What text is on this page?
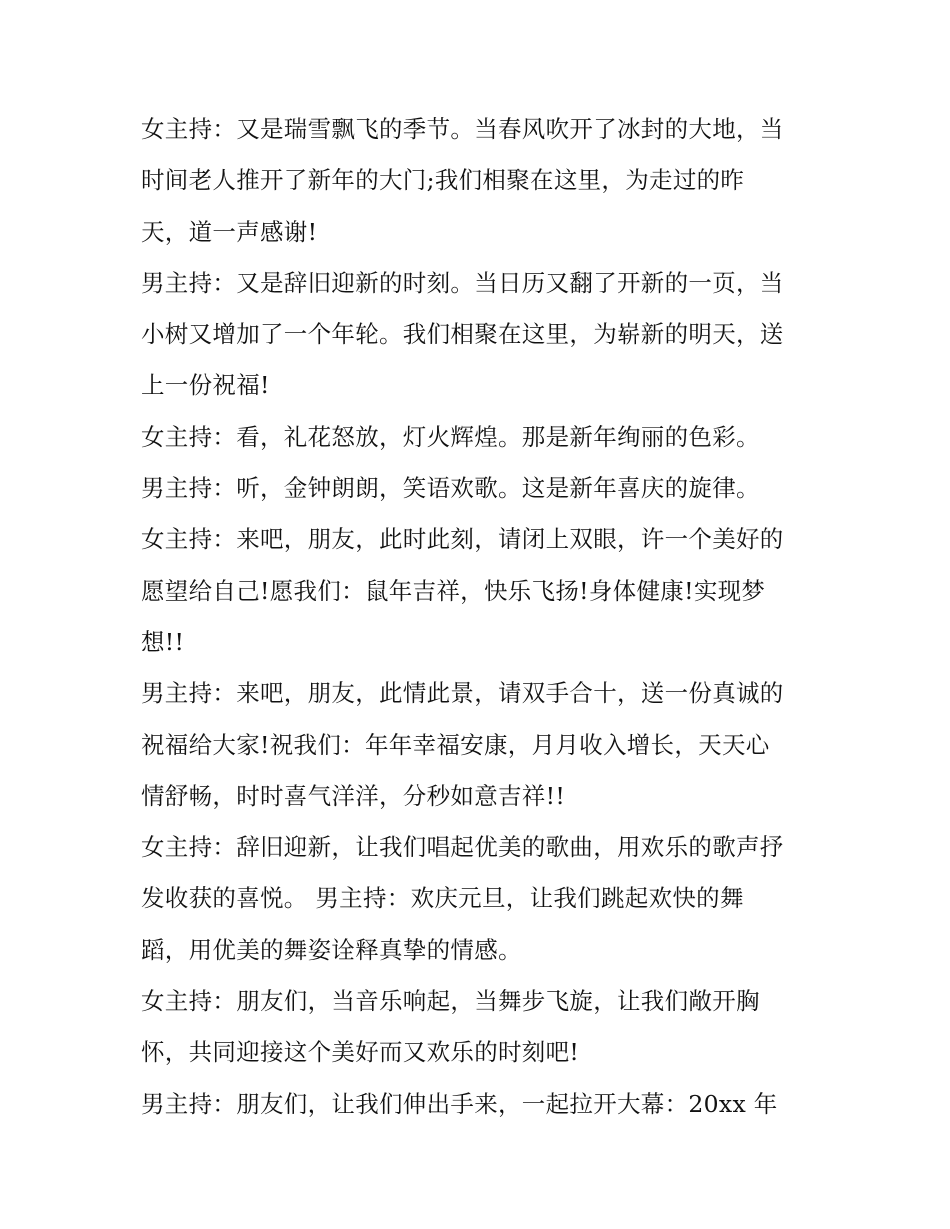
女主持：又是瑞雪飘飞的季节。当春风吹开了冰封的大地，当
时间老人推开了新年的大门;我们相聚在这里，为走过的昨
天，道一声感谢!
男主持：又是辞旧迎新的时刻。当日历又翻了开新的一页，当
小树又增加了一个年轮。我们相聚在这里，为崭新的明天，送
上一份祝福!
女主持：看，礼花怒放，灯火辉煌。那是新年绚丽的色彩。
男主持：听，金钟朗朗，笑语欢歌。这是新年喜庆的旋律。
女主持：来吧，朋友，此时此刻，请闭上双眼，许一个美好的
愿望给自己!愿我们：鼠年吉祥，快乐飞扬!身体健康!实现梦
想!!
男主持：来吧，朋友，此情此景，请双手合十，送一份真诚的
祝福给大家!祝我们：年年幸福安康，月月收入增长，天天心
情舒畅，时时喜气洋洋，分秒如意吉祥!!
女主持：辞旧迎新，让我们唱起优美的歌曲，用欢乐的歌声抒
发收获的喜悦。 男主持：欢庆元旦，让我们跳起欢快的舞
蹈，用优美的舞姿诠释真挚的情感。
女主持：朋友们，当音乐响起，当舞步飞旋，让我们敞开胸
怀，共同迎接这个美好而又欢乐的时刻吧!
男主持：朋友们，让我们伸出手来，一起拉开大幕：20xx 年
